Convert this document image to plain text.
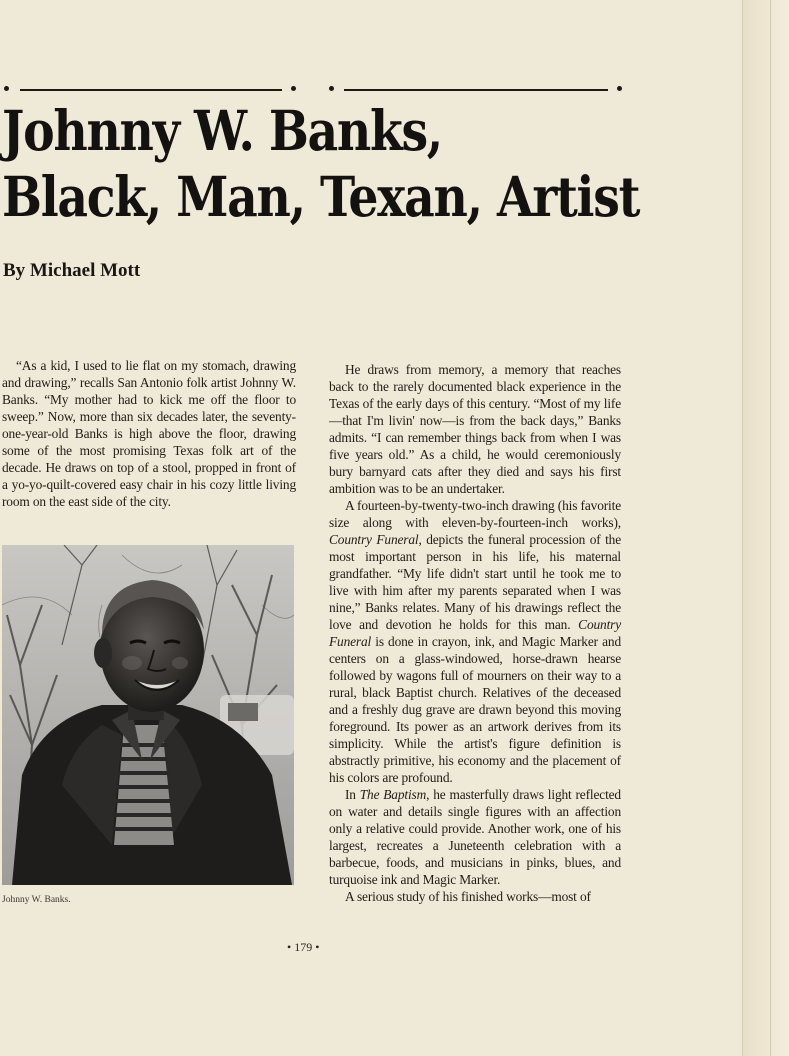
Johnny W. Banks,
Black, Man, Texan, Artist
By Michael Mott

“As a kid, I used to lie flat on my stomach, drawing and drawing,” recalls San Antonio folk artist Johnny W. Banks. “My mother had to kick me off the floor to sweep.” Now, more than six decades later, the seventy-one-year-old Banks is high above the floor, drawing some of the most promising Texas folk art of the decade. He draws on top of a stool, propped in front of a yo-yo-quilt-covered easy chair in his cozy little living room on the east side of the city.

Johnny W. Banks.

He draws from memory, a memory that reaches back to the rarely documented black experience in the Texas of the early days of this century. “Most of my life—that I'm livin' now—is from the back days,” Banks admits. “I can remember things back from when I was five years old.” As a child, he would ceremoniously bury barnyard cats after they died and says his first ambition was to be an undertaker.

A fourteen-by-twenty-two-inch drawing (his favorite size along with eleven-by-fourteen-inch works), Country Funeral, depicts the funeral procession of the most important person in his life, his maternal grandfather. “My life didn't start until he took me to live with him after my parents separated when I was nine,” Banks relates. Many of his drawings reflect the love and devotion he holds for this man. Country Funeral is done in crayon, ink, and Magic Marker and centers on a glass-windowed, horse-drawn hearse followed by wagons full of mourners on their way to a rural, black Baptist church. Relatives of the deceased and a freshly dug grave are drawn beyond this moving foreground. Its power as an artwork derives from its simplicity. While the artist's figure definition is abstractly primitive, his economy and the placement of his colors are profound.

In The Baptism, he masterfully draws light reflected on water and details single figures with an affection only a relative could provide. Another work, one of his largest, recreates a Juneteenth celebration with a barbecue, foods, and musicians in pinks, blues, and turquoise ink and Magic Marker.

A serious study of his finished works—most of

• 179 •
